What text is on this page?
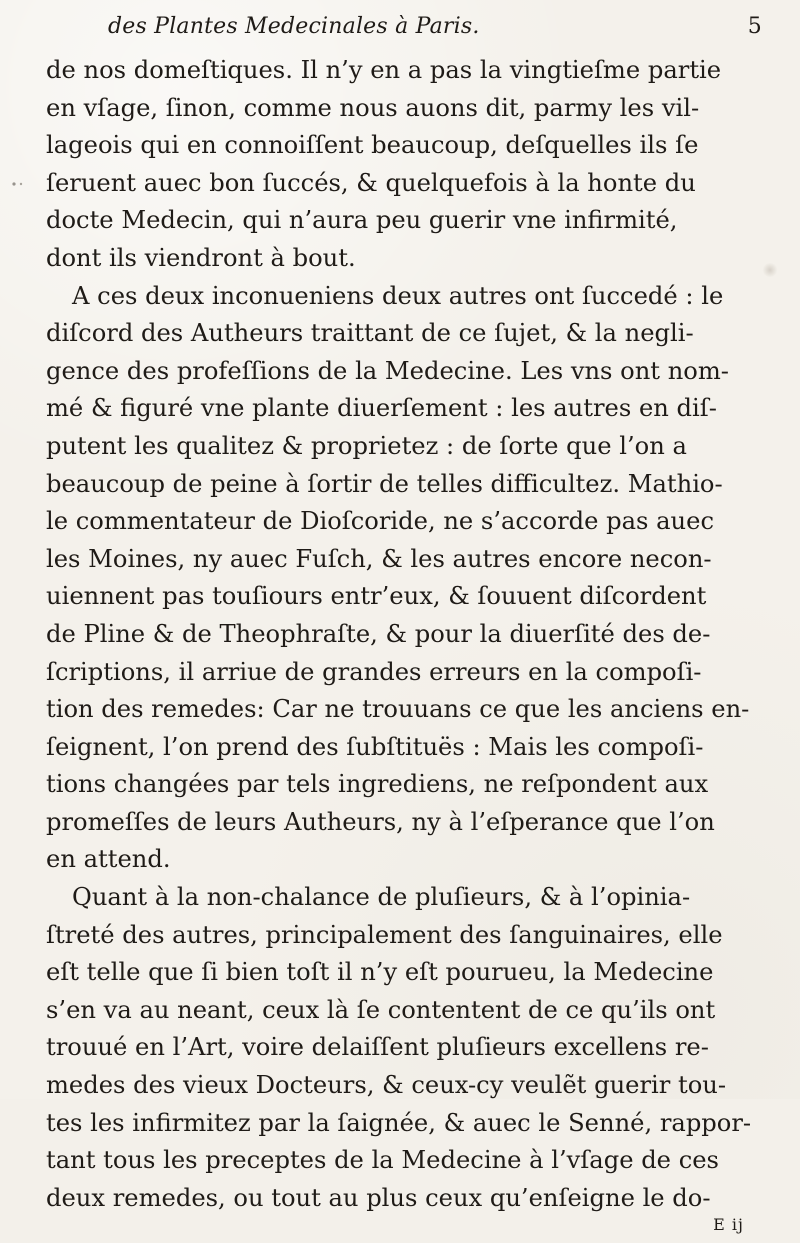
des Plantes Medecinales à Paris.	5
de nos domeſtiques. Il n’y en a pas la vingtieſme partie
en vſage, ſinon, comme nous auons dit, parmy les vil-
lageois qui en connoiſſent beaucoup, deſquelles ils ſe
ſeruent auec bon ſuccés, & quelquefois à la honte du
docte Medecin, qui n’aura peu guerir vne infirmité,
dont ils viendront à bout.
A ces deux inconueniens deux autres ont ſuccedé : le
diſcord des Autheurs traittant de ce ſujet, & la negli-
gence des profeſſions de la Medecine. Les vns ont nom-
mé & figuré vne plante diuerſement : les autres en diſ-
putent les qualitez & proprietez : de ſorte que l’on a
beaucoup de peine à ſortir de telles difficultez. Mathio-
le commentateur de Dioſcoride, ne s’accorde pas auec
les Moines, ny auec Fuſch, & les autres encore necon-
uiennent pas touſiours entr’eux, & ſouuent diſcordent
de Pline & de Theophraſte, & pour la diuerſité des de-
ſcriptions, il arriue de grandes erreurs en la compoſi-
tion des remedes: Car ne trouuans ce que les anciens en-
ſeignent, l’on prend des ſubſtituës : Mais les compoſi-
tions changées par tels ingrediens, ne reſpondent aux
promeſſes de leurs Autheurs, ny à l’eſperance que l’on
en attend.
Quant à la non-chalance de pluſieurs, & à l’opinia-
ſtreté des autres, principalement des ſanguinaires, elle
eſt telle que ſi bien toſt il n’y eſt pourueu, la Medecine
s’en va au neant, ceux là ſe contentent de ce qu’ils ont
trouué en l’Art, voire delaiſſent pluſieurs excellens re-
medes des vieux Docteurs, & ceux-cy veulẽt guerir tou-
tes les infirmitez par la ſaignée, & auec le Senné, rappor-
tant tous les preceptes de la Medecine à l’vſage de ces
deux remedes, ou tout au plus ceux qu’enſeigne le do-
E ij
